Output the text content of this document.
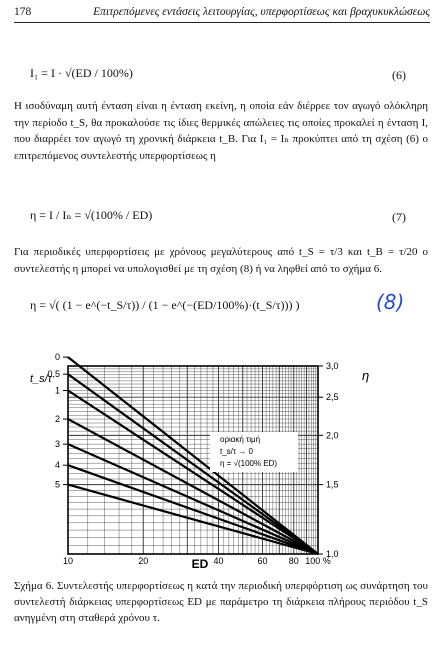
178	Επιτρεπόμενες εντάσεις λειτουργίας, υπερφορτίσεως και βραχυκυκλώσεως
I₁ = I · √(ED / 100%)	(6)
Η ισοδύναμη αυτή ένταση είναι η ένταση εκείνη, η οποία εάν διέρρεε τον αγωγό ολόκληρη την περίοδο t_S, θα προκαλούσε τις ίδιες θερμικές απώλειες τις οποίες προκαλεί η ένταση I, που διαρρέει τον αγωγό τη χρονική διάρκεια t_B. Για I₁ = Iₙ προκύπτει από τη σχέση (6) ο επιτρεπόμενος συντελεστής υπερφορτίσεως η
η = I / Iₙ = √(100% / ED)	(7)
Για περιοδικές υπερφορτίσεις με χρόνους μεγαλύτερους από t_S = τ/3 και t_B = τ/20 ο συντελεστής η μπορεί να υπολογισθεί με τη σχέση (8) ή να ληφθεί από το σχήμα 6.
η = √( (1 − e^(−t_S/τ)) / (1 − e^(−(ED/100%)·(t_S/τ))) )	(8)
10	20	40	60 80 100 %
3,0
2,5
2,0
1,5
1,0
0
0,5
1
2
3
4
5
t_s/τ	η
ED
οριακή τιμή
t_s/τ → 0
η = √(100% ED)
Σχήμα 6. Συντελεστής υπερφορτίσεως η κατά την περιοδική υπερφόρτιση ως συνάρτηση του συντελεστή διάρκειας υπερφορτίσεως ED με παράμετρο τη διάρκεια πλήρους περιόδου t_S ανηγμένη στη σταθερά χρόνου τ.
